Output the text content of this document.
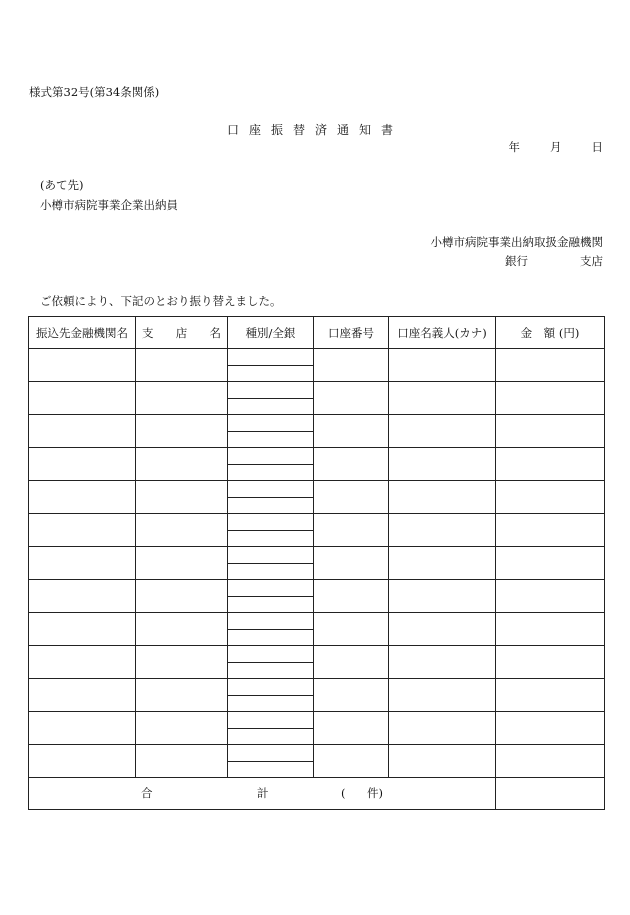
様式第32号(第34条関係)
口座振替済通知書
年	月	日
(あて先)
小樽市病院事業企業出納員
小樽市病院事業出納取扱金融機関
銀行	支店
ご依頼により、下記のとおり振り替えました。
振込先金融機関名	支 店 名	種別/全銀	口座番号	口座名義人(カナ)	金　額 (円)

合 計 ( 件)					
